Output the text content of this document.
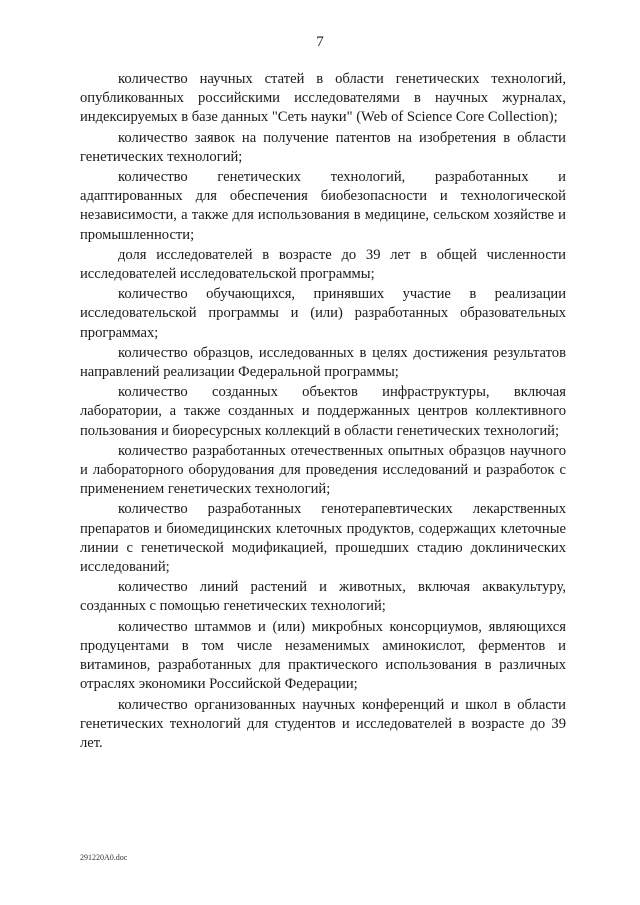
7

количество научных статей в области генетических технологий, опубликованных российскими исследователями в научных журналах, индексируемых в базе данных "Сеть науки" (Web of Science Core Collection);

количество заявок на получение патентов на изобретения в области генетических технологий;

количество генетических технологий, разработанных и адаптированных для обеспечения биобезопасности и технологической независимости, а также для использования в медицине, сельском хозяйстве и промышленности;

доля исследователей в возрасте до 39 лет в общей численности исследователей исследовательской программы;

количество обучающихся, принявших участие в реализации исследовательской программы и (или) разработанных образовательных программах;

количество образцов, исследованных в целях достижения результатов направлений реализации Федеральной программы;

количество созданных объектов инфраструктуры, включая лаборатории, а также созданных и поддержанных центров коллективного пользования и биоресурсных коллекций в области генетических технологий;

количество разработанных отечественных опытных образцов научного и лабораторного оборудования для проведения исследований и разработок с применением генетических технологий;

количество разработанных генотерапевтических лекарственных препаратов и биомедицинских клеточных продуктов, содержащих клеточные линии с генетической модификацией, прошедших стадию доклинических исследований;

количество линий растений и животных, включая аквакультуру, созданных с помощью генетических технологий;

количество штаммов и (или) микробных консорциумов, являющихся продуцентами в том числе незаменимых аминокислот, ферментов и витаминов, разработанных для практического использования в различных отраслях экономики Российской Федерации;

количество организованных научных конференций и школ в области генетических технологий для студентов и исследователей в возрасте до 39 лет.

291220A0.doc
